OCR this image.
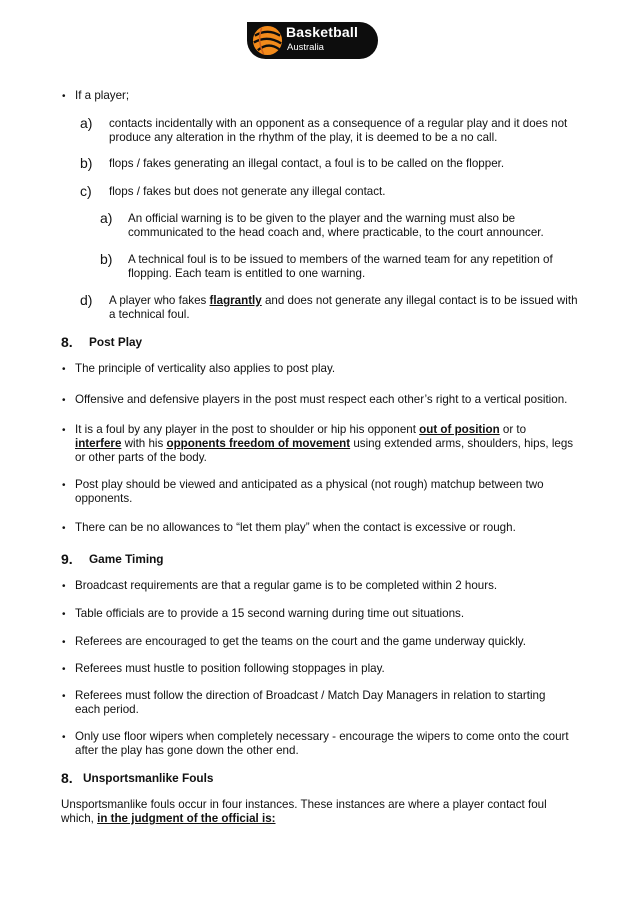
Basketball
Australia
• If a player;
a) contacts incidentally with an opponent as a consequence of a regular play and it does not produce any alteration in the rhythm of the play, it is deemed to be a no call.
b) flops / fakes generating an illegal contact, a foul is to be called on the flopper.
c) flops / fakes but does not generate any illegal contact.
a) An official warning is to be given to the player and the warning must also be communicated to the head coach and, where practicable, to the court announcer.
b) A technical foul is to be issued to members of the warned team for any repetition of flopping. Each team is entitled to one warning.
d) A player who fakes flagrantly and does not generate any illegal contact is to be issued with a technical foul.
8. Post Play
• The principle of verticality also applies to post play.
• Offensive and defensive players in the post must respect each other’s right to a vertical position.
• It is a foul by any player in the post to shoulder or hip his opponent out of position or to interfere with his opponents freedom of movement using extended arms, shoulders, hips, legs or other parts of the body.
• Post play should be viewed and anticipated as a physical (not rough) matchup between two opponents.
• There can be no allowances to “let them play” when the contact is excessive or rough.
9. Game Timing
• Broadcast requirements are that a regular game is to be completed within 2 hours.
• Table officials are to provide a 15 second warning during time out situations.
• Referees are encouraged to get the teams on the court and the game underway quickly.
• Referees must hustle to position following stoppages in play.
• Referees must follow the direction of Broadcast / Match Day Managers in relation to starting each period.
• Only use floor wipers when completely necessary - encourage the wipers to come onto the court after the play has gone down the other end.
8. Unsportsmanlike Fouls
Unsportsmanlike fouls occur in four instances. These instances are where a player contact foul which, in the judgment of the official is:
